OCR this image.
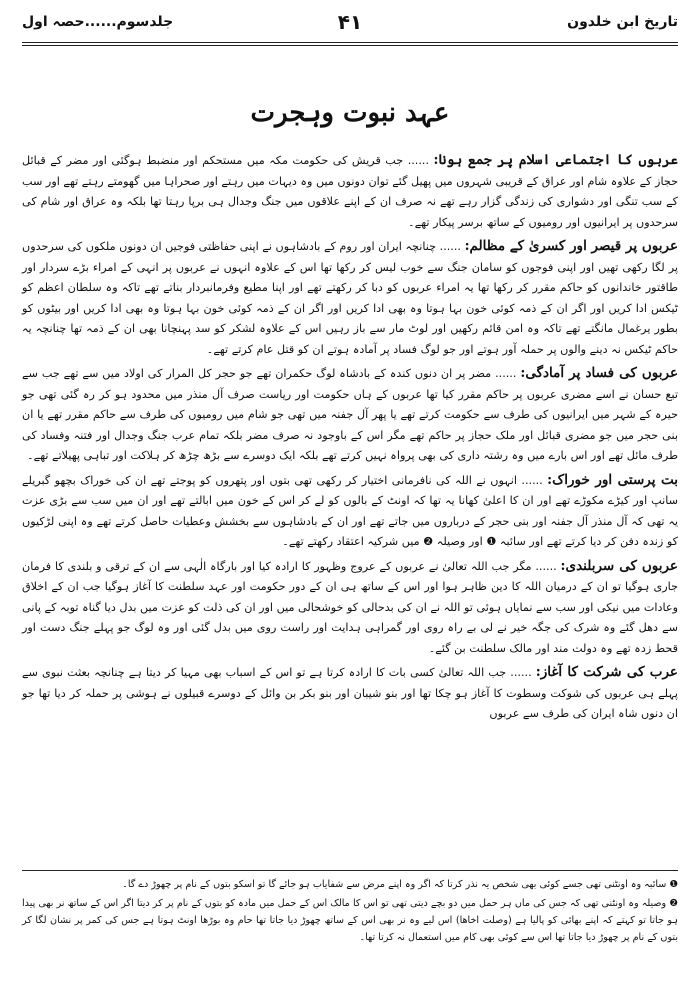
تاریخ ابن خلدون
۴۱
جلدسوم......حصہ اول
عہد نبوت وہجرت

عربوں کا اجتماعی اسلام پر جمع ہونا: ...... جب قریش کی حکومت مکہ میں مستحکم اور منضبط ہوگئی اور مضر کے قبائل حجاز کے علاوہ شام اور عراق کے قریبی شہروں میں پھیل گئے توان دونوں میں وہ دیہات میں رہتے اور صحراہا میں گھومتے رہتے تھے اور سب کے سب تنگی اور دشواری کی زندگی گزار رہے تھے نہ صرف ان کے اپنے علاقوں میں جنگ وجدال ہی برپا رہتا تھا بلکہ وہ عراق اور شام کی سرحدوں پر ایرانیوں اور رومیوں کے ساتھ برسر پیکار تھے۔

عربوں پر قیصر اور کسریٰ کے مظالم: ...... چنانچہ ایران اور روم کے بادشاہوں نے اپنی حفاظتی فوجیں ان دونوں ملکوں کی سرحدوں پر لگا رکھی تھیں اور اپنی فوجوں کو سامان جنگ سے خوب لیس کر رکھا تھا اس کے علاوہ انہوں نے عربوں پر انہی کے امراء بڑے سردار اور طاقتور خاندانوں کو حاکم مقرر کر رکھا تھا یہ امراء عربوں کو دبا کر رکھتے تھے اور اپنا مطیع وفرمانبردار بناتے تھے تاکہ وہ سلطان اعظم کو ٹیکس ادا کریں اور اگر ان کے ذمہ کوئی خون بہا ہوتا وہ بھی ادا کریں اور اگر ان کے ذمہ کوئی خون بہا ہوتا وہ بھی ادا کریں اور بیٹوں کو بطور یرغمال مانگتے تھے تاکہ وہ امن قائم رکھیں اور لوٹ مار سے باز رہیں اس کے علاوہ لشکر کو سد پہنچانا بھی ان کے ذمہ تھا چنانچہ یہ حاکم ٹیکس نہ دینے والوں پر حملہ آور ہوتے اور جو لوگ فساد پر آمادہ ہوتے ان کو قتل عام کرتے تھے۔

عربوں کی فساد پر آمادگی: ...... مضر پر ان دنوں کندہ کے بادشاہ لوگ حکمران تھے جو حجر کل المرار کی اولاد میں سے تھے جب سے تبع حسان نے اسے مضری عربوں پر حاکم مقرر کیا تھا عربوں کے ہاں حکومت اور ریاست صرف آل منذر میں محدود ہو کر رہ گئی تھی جو حیرہ کے شہر میں ایرانیوں کی طرف سے حکومت کرتے تھے یا پھر آل جفنہ میں تھی جو شام میں رومیوں کی طرف سے حاکم مقرر تھے یا ان بنی حجر میں جو مضری قبائل اور ملک حجاز پر حاکم تھے مگر اس کے باوجود نہ صرف مضر بلکہ تمام عرب جنگ وجدال اور فتنہ وفساد کی طرف مائل تھے اور اس بارے میں وہ رشتہ داری کی بھی پرواہ نہیں کرتے تھے بلکہ ایک دوسرے سے بڑھ چڑھ کر ہلاکت اور تباہی پھیلاتے تھے۔

بت پرستی اور خوراک: ...... انہوں نے اللہ کی نافرمانی اختیار کر رکھی تھی بتوں اور پتھروں کو پوجتے تھے ان کی خوراک بچھو گبریلے سانپ اور کیڑے مکوڑے تھے اور ان کا اعلیٰ کھانا یہ تھا کہ اونٹ کے بالوں کو لے کر اس کے خون میں ابالتے تھے اور ان میں سب سے بڑی عزت یہ تھی کہ آل منذر آل جفنہ اور بنی حجر کے درباروں میں جاتے تھے اور ان کے بادشاہوں سے بخشش وعطیات حاصل کرتے تھے وہ اپنی لڑکیوں کو زندہ دفن کر دیا کرتے تھے اور سائبہ ❶ اور وصیلہ ❷ میں شرکیہ اعتقاد رکھتے تھے۔

عربوں کی سربلندی: ...... مگر جب اللہ تعالیٰ نے عربوں کے عروج وظہور کا ارادہ کیا اور بارگاہ الٰہی سے ان کے ترقی و بلندی کا فرمان جاری ہوگیا تو ان کے درمیان اللہ کا دین ظاہر ہوا اور اس کے ساتھ ہی ان کے دور حکومت اور عہد سلطنت کا آغاز ہوگیا جب ان کے اخلاق وعادات میں نیکی اور سب سے نمایاں ہوئی تو اللہ نے ان کی بدحالی کو خوشحالی میں اور ان کی ذلت کو عزت میں بدل دیا گناہ توبہ کے پانی سے دھل گئے وہ شرک کی جگہ خیر نے لی بے راہ روی اور گمراہی ہدایت اور راست روی میں بدل گئی اور وہ لوگ جو پہلے جنگ دست اور قحط زدہ تھے وہ دولت مند اور مالک سلطنت بن گئے۔

عرب کی شرکت کا آغاز: ...... جب اللہ تعالیٰ کسی بات کا ارادہ کرتا ہے تو اس کے اسباب بھی مہیا کر دیتا ہے چنانچہ بعثت نبوی سے پہلے ہی عربوں کی شوکت وسطوت کا آغاز ہو چکا تھا اور بنو شیبان اور بنو بکر بن وائل کے دوسرے قبیلوں نے ہوشی پر حملہ کر دیا تھا جو ان دنوں شاہ ایران کی طرف سے عربوں

❶ سائبہ وہ اونٹنی تھی جسے کوئی بھی شخص یہ نذر کرتا کہ اگر وہ اپنے مرض سے شفایاب ہو جائے گا تو اسکو بتوں کے نام پر چھوڑ دے گا۔

❷ وصیلہ وہ اونٹنی تھی کہ جس کی ماں ہر حمل میں دو بچے دیتی تھی تو اس کا مالک اس کے حمل میں مادہ کو بتوں کے نام پر کر دیتا اگر اس کے ساتھ نر بھی پیدا ہو جاتا تو کہتے کہ اپنے بھائی کو پالیا ہے (وصلت اخاھا) اس لیے وہ نر بھی اس کے ساتھ چھوڑ دیا جاتا تھا حام وہ بوڑھا اونٹ ہوتا ہے جس کی کمر پر نشان لگا کر بتوں کے نام پر چھوڑ دیا جاتا تھا اس سے کوئی بھی کام میں استعمال نہ کرتا تھا۔
